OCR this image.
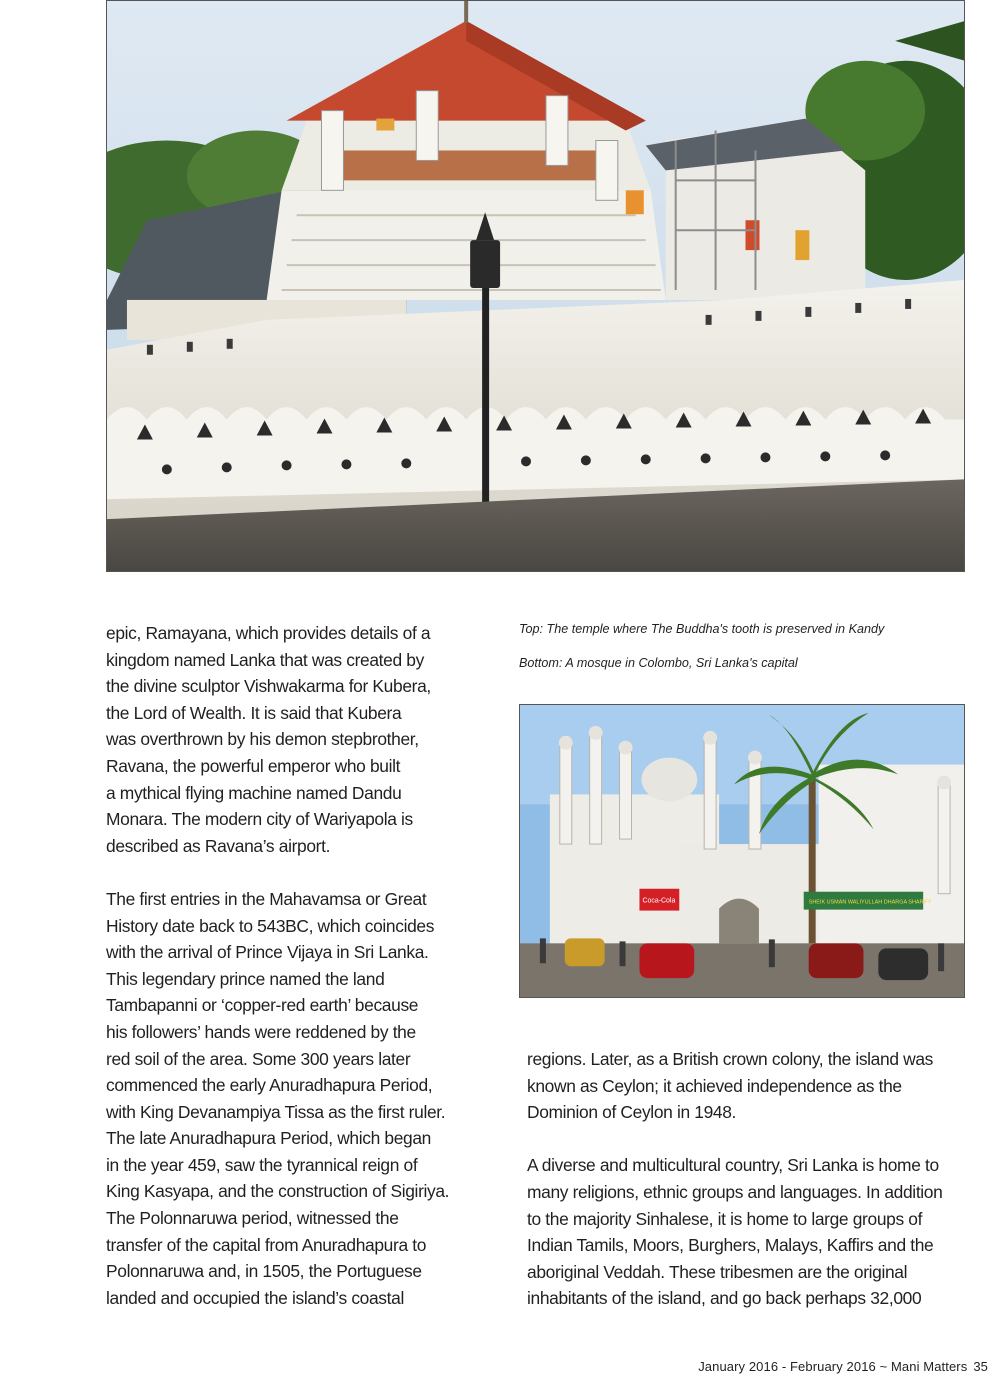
Top: The temple where The Buddha's tooth is preserved in Kandy
Bottom: A mosque in Colombo, Sri Lanka's capital
SHEIK USMAN WALIYULLAH DHARGA SHARIFF
Coca-Cola

epic, Ramayana, which provides details of a
kingdom named Lanka that was created by
the divine sculptor Vishwakarma for Kubera,
the Lord of Wealth. It is said that Kubera
was overthrown by his demon stepbrother,
Ravana, the powerful emperor who built
a mythical flying machine named Dandu
Monara. The modern city of Wariyapola is
described as Ravana’s airport.

The first entries in the Mahavamsa or Great
History date back to 543BC, which coincides
with the arrival of Prince Vijaya in Sri Lanka.
This legendary prince named the land
Tambapanni or ‘copper-red earth’ because
his followers’ hands were reddened by the
red soil of the area. Some 300 years later
commenced the early Anuradhapura Period,
with King Devanampiya Tissa as the first ruler.
The late Anuradhapura Period, which began
in the year 459, saw the tyrannical reign of
King Kasyapa, and the construction of Sigiriya.
The Polonnaruwa period, witnessed the
transfer of the capital from Anuradhapura to
Polonnaruwa and, in 1505, the Portuguese
landed and occupied the island’s coastal

regions. Later, as a British crown colony, the island was
known as Ceylon; it achieved independence as the
Dominion of Ceylon in 1948.

A diverse and multicultural country, Sri Lanka is home to
many religions, ethnic groups and languages. In addition
to the majority Sinhalese, it is home to large groups of
Indian Tamils, Moors, Burghers, Malays, Kaffirs and the
aboriginal Veddah. These tribesmen are the original
inhabitants of the island, and go back perhaps 32,000

January 2016 - February 2016 ~ Mani Matters 35
